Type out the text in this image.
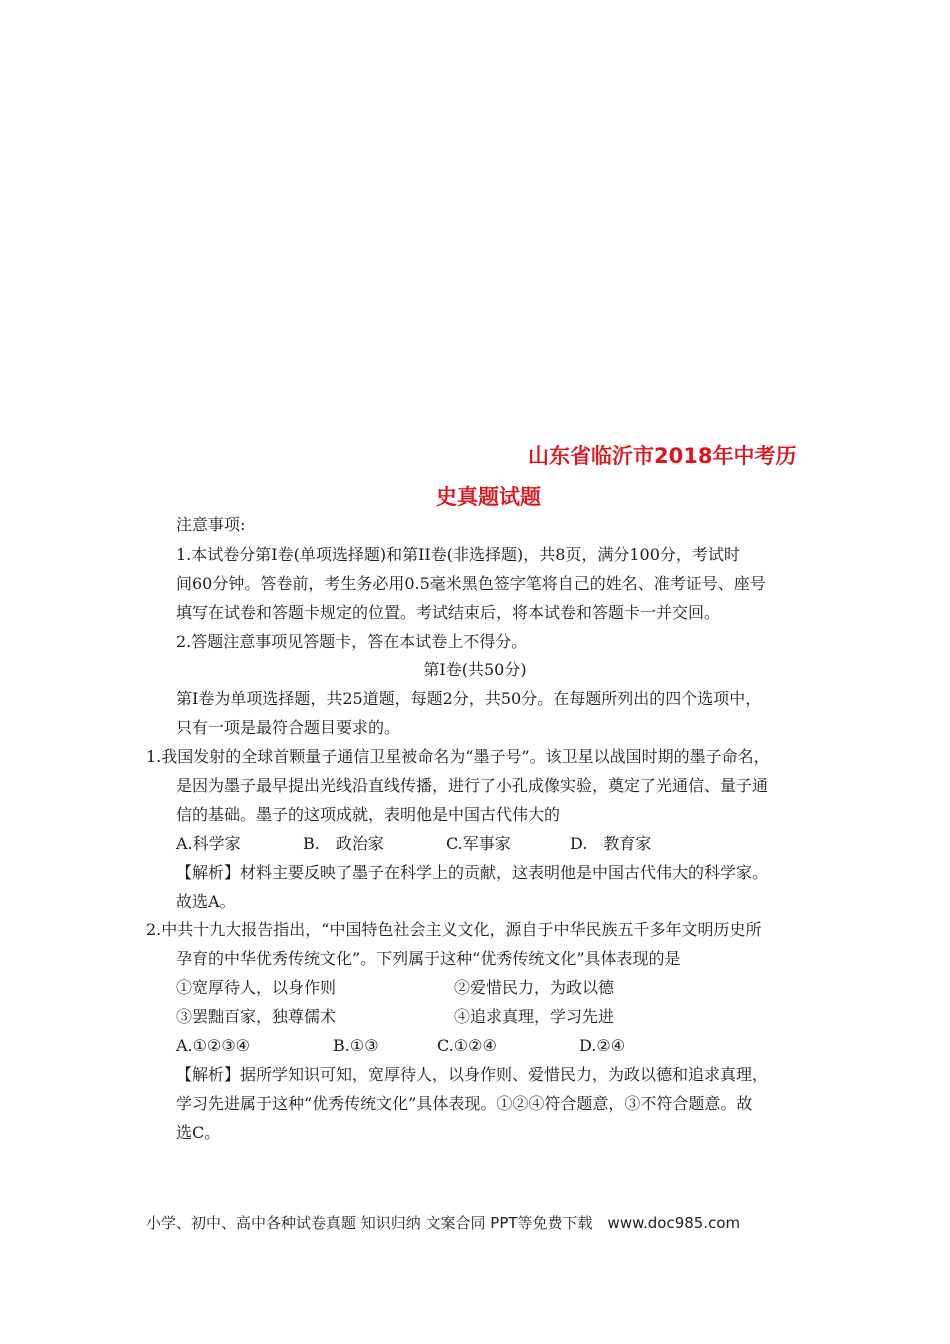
山东省临沂市2018年中考历
史真题试题
注意事项:
1.本试卷分第Ⅰ卷(单项选择题)和第II卷(非选择题)，共8页，满分100分，考试时
间60分钟。答卷前，考生务必用0.5毫米黑色签字笔将自己的姓名、准考证号、座号
填写在试卷和答题卡规定的位置。考试结束后，将本试卷和答题卡一并交回。
2.答题注意事项见答题卡，答在本试卷上不得分。
第Ⅰ卷(共50分)
第Ⅰ卷为单项选择题，共25道题，每题2分，共50分。在每题所列出的四个选项中，
只有一项是最符合题目要求的。
1.我国发射的全球首颗量子通信卫星被命名为“墨子号”。该卫星以战国时期的墨子命名，
是因为墨子最早提出光线沿直线传播，进行了小孔成像实验，奠定了光通信、量子通
信的基础。墨子的这项成就，表明他是中国古代伟大的
A.科学家	B.　政治家	C.军事家	D.　教育家
【解析】材料主要反映了墨子在科学上的贡献，这表明他是中国古代伟大的科学家。
故选A。
2.中共十九大报告指出，“中国特色社会主义文化，源自于中华民族五千多年文明历史所
孕育的中华优秀传统文化”。下列属于这种“优秀传统文化”具体表现的是
①宽厚待人，以身作则	②爱惜民力，为政以德
③罢黜百家，独尊儒术	④追求真理，学习先进
A.①②③④	B.①③	C.①②④	D.②④
【解析】据所学知识可知，宽厚待人，以身作则、爱惜民力，为政以德和追求真理，
学习先进属于这种“优秀传统文化”具体表现。①②④符合题意，③不符合题意。故
选C。
小学、初中、高中各种试卷真题 知识归纳 文案合同 PPT等免费下载　www.doc985.com
